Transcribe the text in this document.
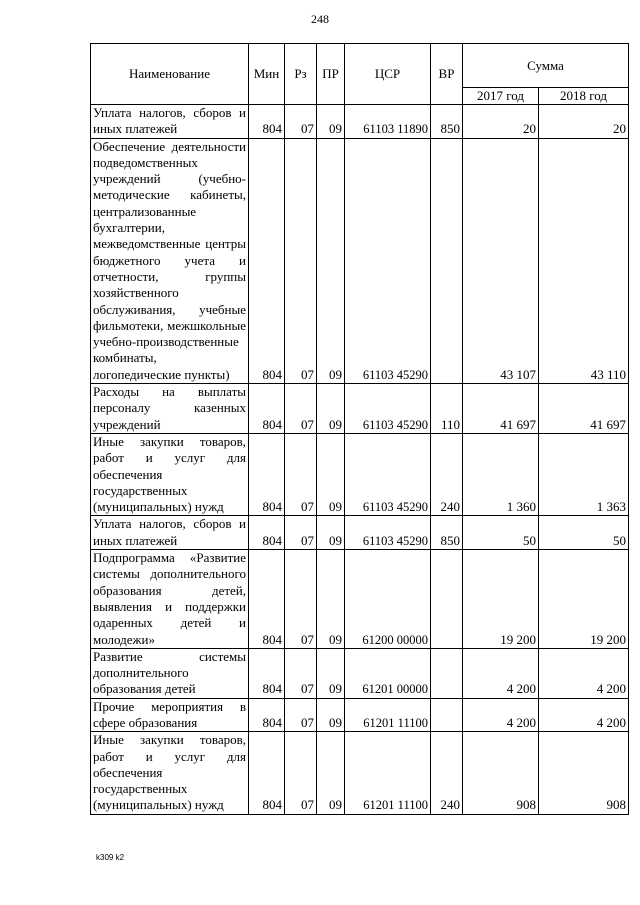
248
Наименование	Мин	Рз	ПР	ЦСР	ВР	Сумма	
						2017 год	2018 год
Уплата налогов, сборов и иных платежей	804	07	09	61103 11890	850	20	20
Обеспечение деятельности подведомственных учреждений (учебно-методические кабинеты, централизованные бухгалтерии, межведомственные центры бюджетного учета и отчетности, группы хозяйственного обслуживания, учебные фильмотеки, межшкольные учебно-производственные комбинаты, логопедические пункты)	804	07	09	61103 45290		43 107	43 110
Расходы на выплаты персоналу казенных учреждений	804	07	09	61103 45290	110	41 697	41 697
Иные закупки товаров, работ и услуг для обеспечения государственных (муниципальных) нужд	804	07	09	61103 45290	240	1 360	1 363
Уплата налогов, сборов и иных платежей	804	07	09	61103 45290	850	50	50
Подпрограмма «Развитие системы дополнительного образования детей, выявления и поддержки одаренных детей и молодежи»	804	07	09	61200 00000		19 200	19 200
Развитие системы дополнительного образования детей	804	07	09	61201 00000		4 200	4 200
Прочие мероприятия в сфере образования	804	07	09	61201 11100		4 200	4 200
Иные закупки товаров, работ и услуг для обеспечения государственных (муниципальных) нужд	804	07	09	61201 11100	240	908	908
k309 k2
